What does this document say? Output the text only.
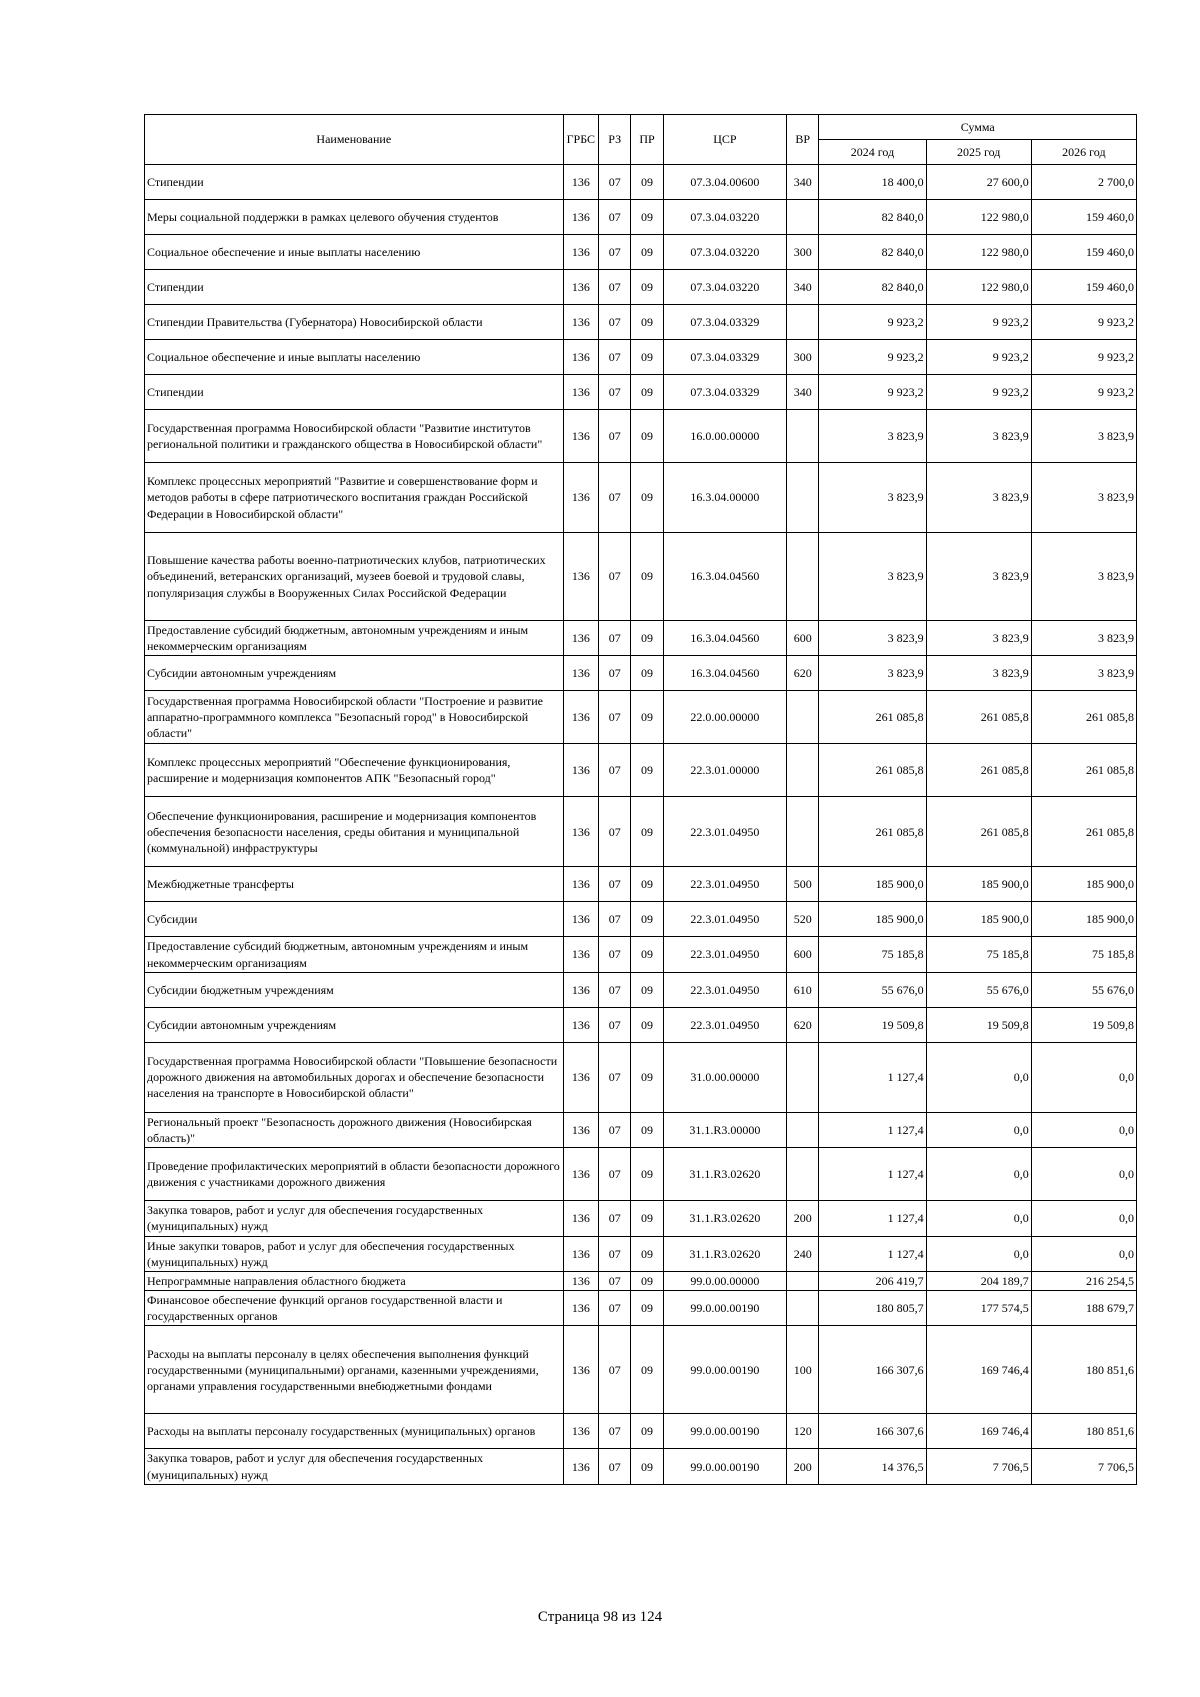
Наименование	ГРБС	РЗ	ПР	ЦСР	ВР	Сумма		
						2024 год	2025 год	2026 год
Стипендии	136	07	09	07.3.04.00600	340	18 400,0	27 600,0	2 700,0
Меры социальной поддержки в рамках целевого обучения студентов	136	07	09	07.3.04.03220		82 840,0	122 980,0	159 460,0
Социальное обеспечение и иные выплаты населению	136	07	09	07.3.04.03220	300	82 840,0	122 980,0	159 460,0
Стипендии	136	07	09	07.3.04.03220	340	82 840,0	122 980,0	159 460,0
Стипендии Правительства (Губернатора) Новосибирской области	136	07	09	07.3.04.03329		9 923,2	9 923,2	9 923,2
Социальное обеспечение и иные выплаты населению	136	07	09	07.3.04.03329	300	9 923,2	9 923,2	9 923,2
Стипендии	136	07	09	07.3.04.03329	340	9 923,2	9 923,2	9 923,2
Государственная программа Новосибирской области "Развитие институтов региональной политики и гражданского общества в Новосибирской области"	136	07	09	16.0.00.00000		3 823,9	3 823,9	3 823,9
Комплекс процессных мероприятий "Развитие и совершенствование форм и методов работы в сфере патриотического воспитания граждан Российской Федерации в Новосибирской области"	136	07	09	16.3.04.00000		3 823,9	3 823,9	3 823,9
Повышение качества работы военно-патриотических клубов, патриотических объединений, ветеранских организаций, музеев боевой и трудовой славы, популяризация службы в Вооруженных Силах Российской Федерации	136	07	09	16.3.04.04560		3 823,9	3 823,9	3 823,9
Предоставление субсидий бюджетным, автономным учреждениям и иным некоммерческим организациям	136	07	09	16.3.04.04560	600	3 823,9	3 823,9	3 823,9
Субсидии автономным учреждениям	136	07	09	16.3.04.04560	620	3 823,9	3 823,9	3 823,9
Государственная программа Новосибирской области "Построение и развитие аппаратно-программного комплекса "Безопасный город" в Новосибирской области"	136	07	09	22.0.00.00000		261 085,8	261 085,8	261 085,8
Комплекс процессных мероприятий "Обеспечение функционирования, расширение и модернизация компонентов АПК "Безопасный город"	136	07	09	22.3.01.00000		261 085,8	261 085,8	261 085,8
Обеспечение функционирования, расширение и модернизация компонентов обеспечения безопасности населения, среды обитания и муниципальной (коммунальной) инфраструктуры	136	07	09	22.3.01.04950		261 085,8	261 085,8	261 085,8
Межбюджетные трансферты	136	07	09	22.3.01.04950	500	185 900,0	185 900,0	185 900,0
Субсидии	136	07	09	22.3.01.04950	520	185 900,0	185 900,0	185 900,0
Предоставление субсидий бюджетным, автономным учреждениям и иным некоммерческим организациям	136	07	09	22.3.01.04950	600	75 185,8	75 185,8	75 185,8
Субсидии бюджетным учреждениям	136	07	09	22.3.01.04950	610	55 676,0	55 676,0	55 676,0
Субсидии автономным учреждениям	136	07	09	22.3.01.04950	620	19 509,8	19 509,8	19 509,8
Государственная программа Новосибирской области "Повышение безопасности дорожного движения на автомобильных дорогах и обеспечение безопасности населения на транспорте в Новосибирской области"	136	07	09	31.0.00.00000		1 127,4	0,0	0,0
Региональный проект "Безопасность дорожного движения (Новосибирская область)"	136	07	09	31.1.R3.00000		1 127,4	0,0	0,0
Проведение профилактических мероприятий в области безопасности дорожного движения с участниками дорожного движения	136	07	09	31.1.R3.02620		1 127,4	0,0	0,0
Закупка товаров, работ и услуг для обеспечения государственных (муниципальных) нужд	136	07	09	31.1.R3.02620	200	1 127,4	0,0	0,0
Иные закупки товаров, работ и услуг для обеспечения государственных (муниципальных) нужд	136	07	09	31.1.R3.02620	240	1 127,4	0,0	0,0
Непрограммные направления областного бюджета	136	07	09	99.0.00.00000		206 419,7	204 189,7	216 254,5
Финансовое обеспечение функций органов государственной власти и государственных органов	136	07	09	99.0.00.00190		180 805,7	177 574,5	188 679,7
Расходы на выплаты персоналу в целях обеспечения выполнения функций государственными (муниципальными) органами, казенными учреждениями, органами управления государственными внебюджетными фондами	136	07	09	99.0.00.00190	100	166 307,6	169 746,4	180 851,6
Расходы на выплаты персоналу государственных (муниципальных) органов	136	07	09	99.0.00.00190	120	166 307,6	169 746,4	180 851,6
Закупка товаров, работ и услуг для обеспечения государственных (муниципальных) нужд	136	07	09	99.0.00.00190	200	14 376,5	7 706,5	7 706,5
Страница 98 из 124
